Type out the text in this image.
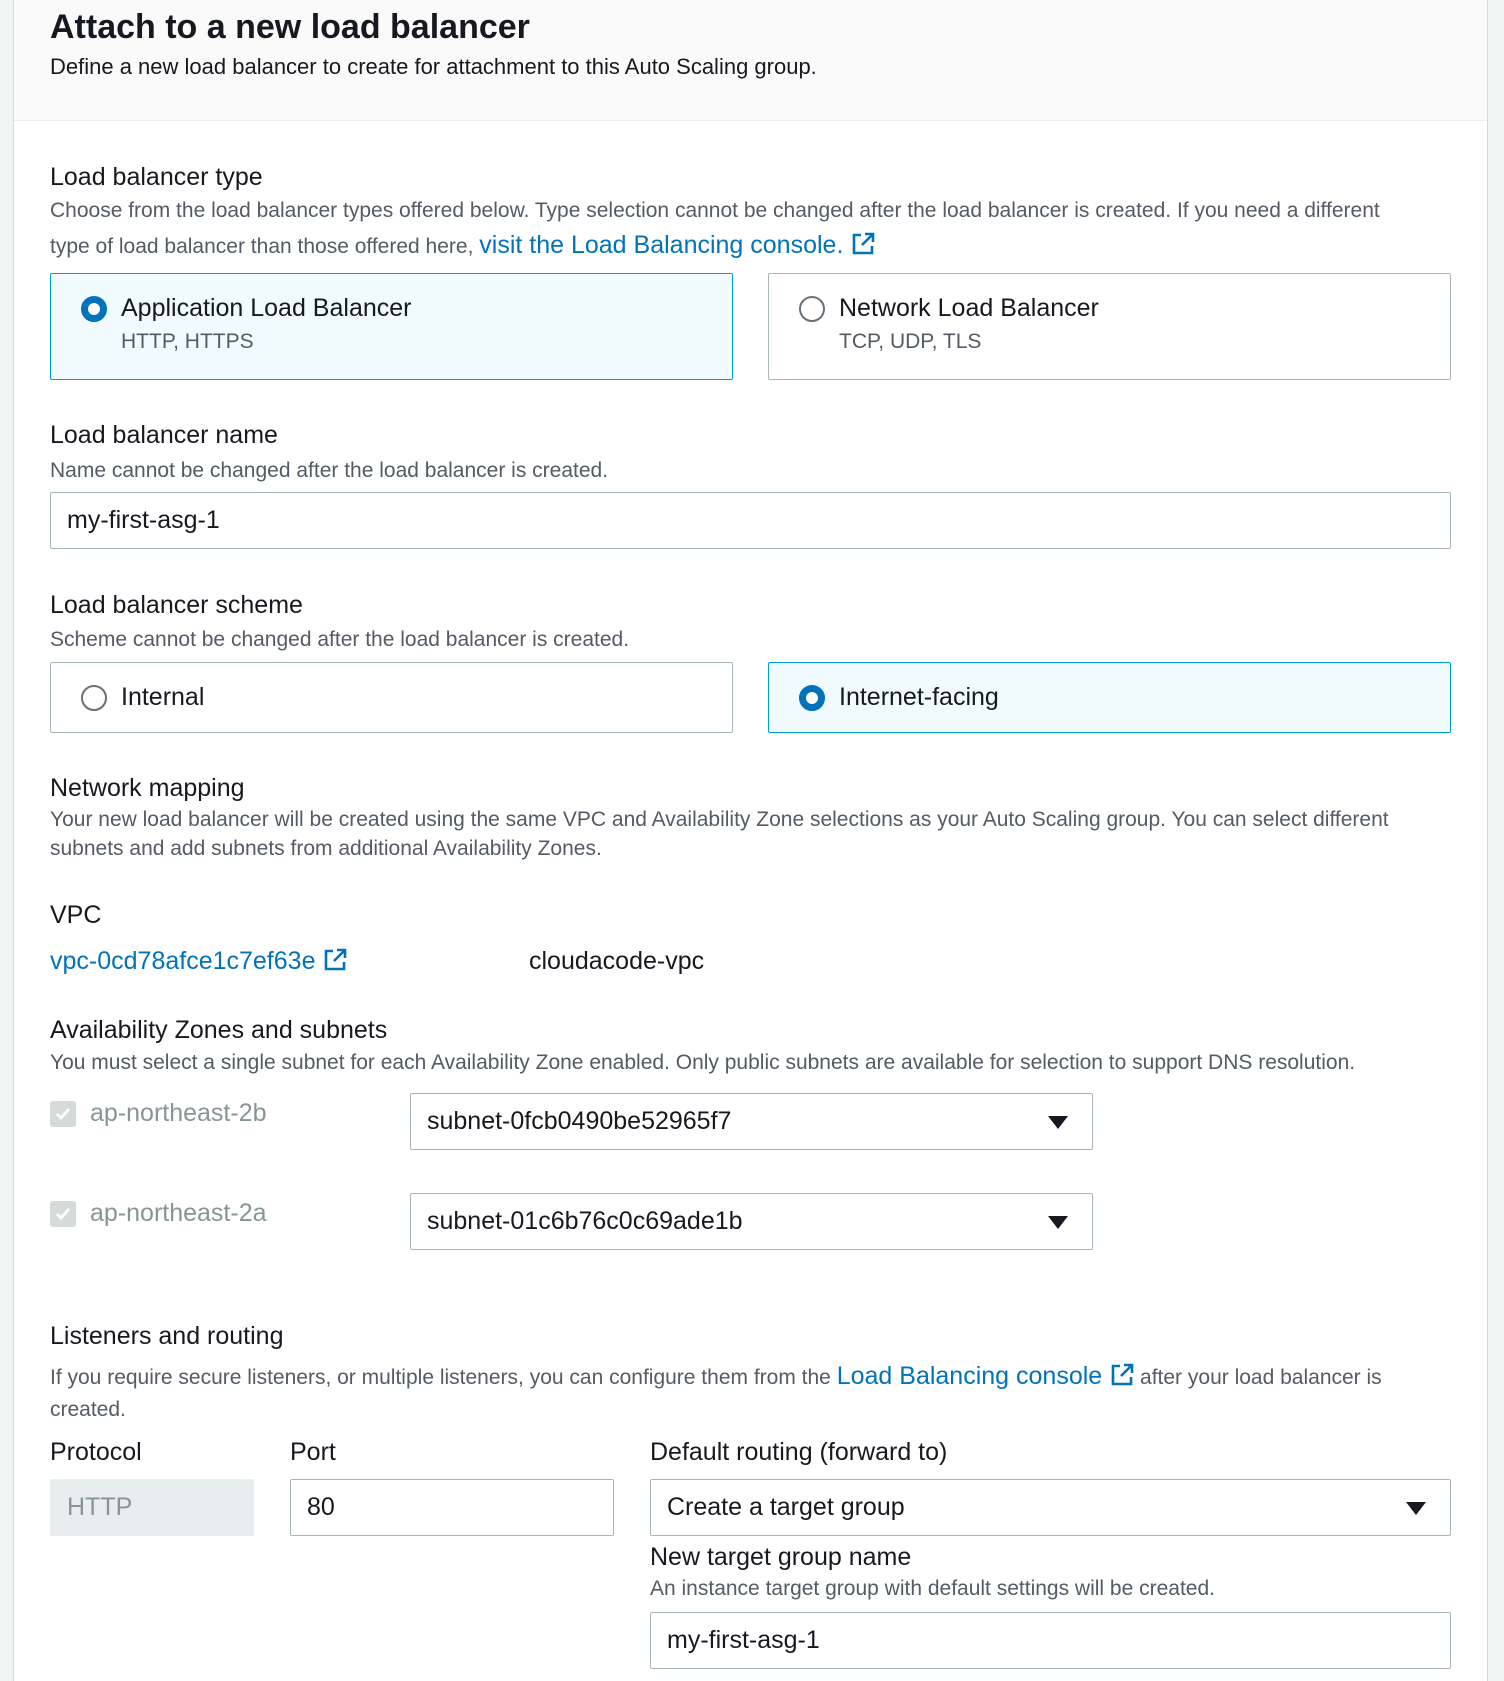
Attach to a new load balancer
Define a new load balancer to create for attachment to this Auto Scaling group.
Load balancer type
Choose from the load balancer types offered below. Type selection cannot be changed after the load balancer is created. If you need a different
type of load balancer than those offered here, visit the Load Balancing console.
Application Load Balancer
HTTP, HTTPS
Network Load Balancer
TCP, UDP, TLS
Load balancer name
Name cannot be changed after the load balancer is created.
my-first-asg-1
Load balancer scheme
Scheme cannot be changed after the load balancer is created.
Internal	Internet-facing
Network mapping
Your new load balancer will be created using the same VPC and Availability Zone selections as your Auto Scaling group. You can select different
subnets and add subnets from additional Availability Zones.
VPC
vpc-0cd78afce1c7ef63e	cloudacode-vpc
Availability Zones and subnets
You must select a single subnet for each Availability Zone enabled. Only public subnets are available for selection to support DNS resolution.
ap-northeast-2b	subnet-0fcb0490be52965f7
ap-northeast-2a	subnet-01c6b76c0c69ade1b
Listeners and routing
If you require secure listeners, or multiple listeners, you can configure them from the Load Balancing console after your load balancer is
created.
Protocol	Port	Default routing (forward to)
HTTP	80	Create a target group
New target group name
An instance target group with default settings will be created.
my-first-asg-1
